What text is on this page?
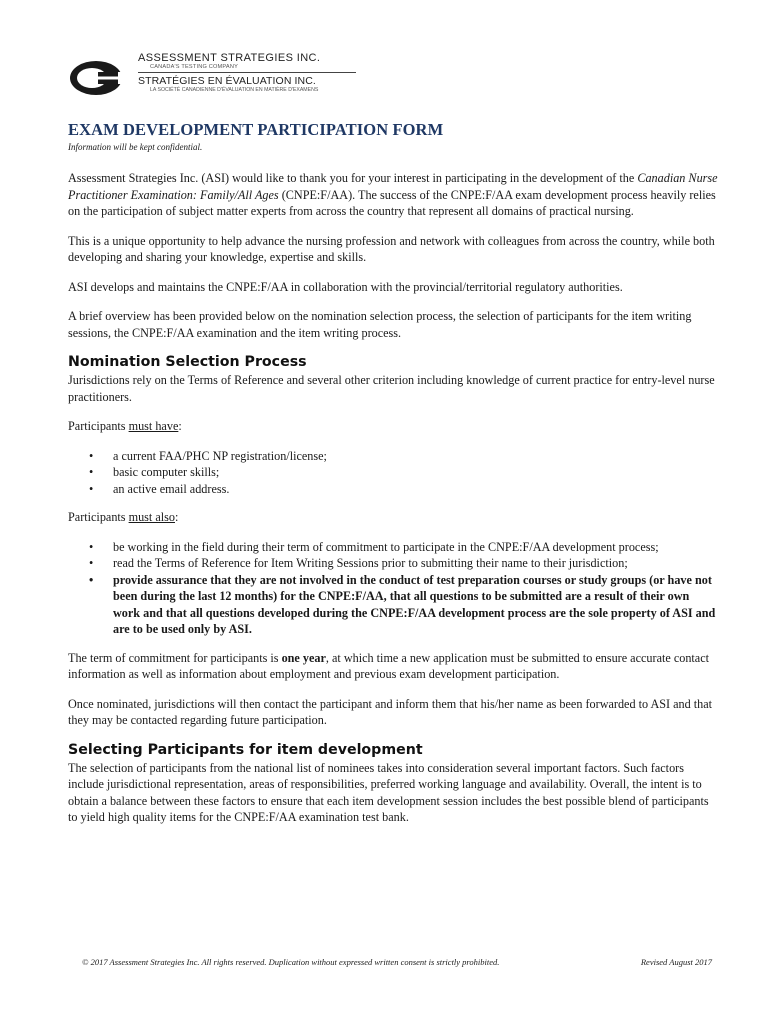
ASSESSMENT STRATEGIES INC.
CANADA'S TESTING COMPANY
STRATÉGIES EN ÉVALUATION INC.
LA SOCIÉTÉ CANADIENNE D'ÉVALUATION EN MATIÈRE D'EXAMENS
EXAM DEVELOPMENT PARTICIPATION FORM
Information will be kept confidential.

Assessment Strategies Inc. (ASI) would like to thank you for your interest in participating in the development of the Canadian Nurse Practitioner Examination: Family/All Ages (CNPE:F/AA). The success of the CNPE:F/AA exam development process heavily relies on the participation of subject matter experts from across the country that represent all domains of practical nursing.

This is a unique opportunity to help advance the nursing profession and network with colleagues from across the country, while both developing and sharing your knowledge, expertise and skills.

ASI develops and maintains the CNPE:F/AA in collaboration with the provincial/territorial regulatory authorities.

A brief overview has been provided below on the nomination selection process, the selection of participants for the item writing sessions, the CNPE:F/AA examination and the item writing process.

Nomination Selection Process

Jurisdictions rely on the Terms of Reference and several other criterion including knowledge of current practice for entry-level nurse practitioners.

Participants must have:

• a current FAA/PHC NP registration/license;
• basic computer skills;
• an active email address.

Participants must also:

• be working in the field during their term of commitment to participate in the CNPE:F/AA development process;
• read the Terms of Reference for Item Writing Sessions prior to submitting their name to their jurisdiction;
• provide assurance that they are not involved in the conduct of test preparation courses or study groups (or have not been during the last 12 months) for the CNPE:F/AA, that all questions to be submitted are a result of their own work and that all questions developed during the CNPE:F/AA development process are the sole property of ASI and are to be used only by ASI.

The term of commitment for participants is one year, at which time a new application must be submitted to ensure accurate contact information as well as information about employment and previous exam development participation.

Once nominated, jurisdictions will then contact the participant and inform them that his/her name as been forwarded to ASI and that they may be contacted regarding future participation.

Selecting Participants for item development

The selection of participants from the national list of nominees takes into consideration several important factors. Such factors include jurisdictional representation, areas of responsibilities, preferred working language and availability. Overall, the intent is to obtain a balance between these factors to ensure that each item development session includes the best possible blend of participants to yield high quality items for the CNPE:F/AA examination test bank.

© 2017 Assessment Strategies Inc. All rights reserved. Duplication without expressed written consent is strictly prohibited.	Revised August 2017
